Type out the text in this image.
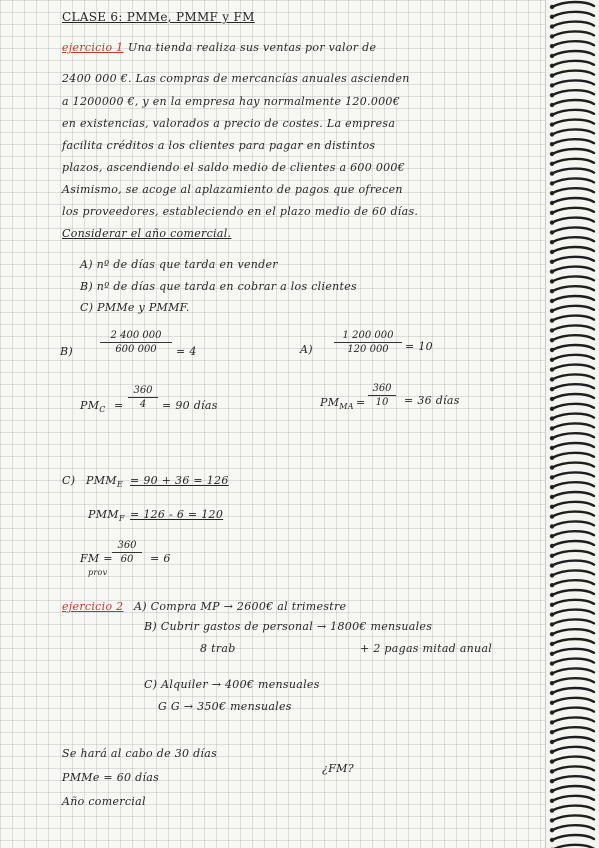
CLASE 6: PMMe, PMMF y FM
ejercicio 1 Una tienda realiza sus ventas por valor de
2400 000 €. Las compras de mercancías anuales ascienden
a 1200000 €, y en la empresa hay normalmente 120.000€
en existencias, valorados a precio de costes. La empresa
facilita créditos a los clientes para pagar en distintos
plazos, ascendiendo el saldo medio de clientes a 600 000€
Asimismo, se acoge al aplazamiento de pagos que ofrecen
los proveedores, estableciendo en el plazo medio de 60 días.
Considerar el año comercial.
A) nº de días que tarda en vender
B) nº de días que tarda en cobrar a los clientes
C) PMMe y PMMF.
B)	$\frac{2 400 000}{600 000} = 4$	$A) \frac{1 200 000}{120 000} = 10$
$PM_C = \frac{360}{4} = 90$ días	$PM_{MA} = \frac{360}{10} = 36$ días
C) $PMM_E = 90 + 36 = 126$
$PMM_F = 126 - 6 = 120$
FM =
prov
$\frac{360}{60} = 6$
ejercicio 2 A) Compra MP → 2600€ al trimestre
B) Cubrir gastos de personal → 1800€ mensuales
8 trab	+ 2 pagas mitad anual
C) Alquiler → 400€ mensuales
G G → 350€ mensuales
Se hará al cabo de 30 días
¿FM?
PMMe = 60 días
Año comercial
